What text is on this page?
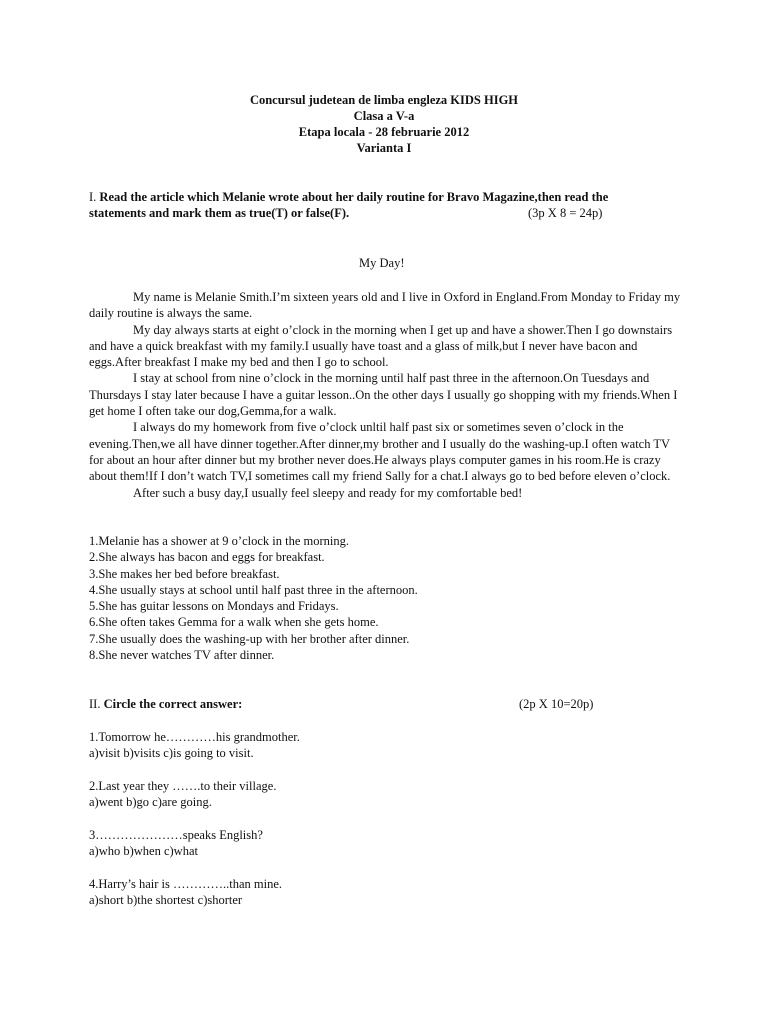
Concursul judetean de limba engleza KIDS HIGH
Clasa a V-a
Etapa locala - 28 februarie 2012
Varianta I
I. Read the article which Melanie wrote about her daily routine for Bravo Magazine,then read the
statements and mark them as true(T) or false(F).	(3p X 8 = 24p)
My Day!

My name is Melanie Smith.I’m sixteen years old and I live in Oxford in England.From Monday to Friday my daily routine is always the same.

My day always starts at eight o’clock in the morning when I get up and have a shower.Then I go downstairs and have a quick breakfast with my family.I usually have toast and a glass of milk,but I never have bacon and eggs.After breakfast I make my bed and then I go to school.

I stay at school from nine o’clock in the morning until half past three in the afternoon.On Tuesdays and Thursdays I stay later because I have a guitar lesson..On the other days I usually go shopping with my friends.When I get home I often take our dog,Gemma,for a walk.

I always do my homework from five o’clock unltil half past six or sometimes seven o’clock in the evening.Then,we all have dinner together.After dinner,my brother and I usually do the washing-up.I often watch TV for about an hour after dinner but my brother never does.He always plays computer games in his room.He is crazy about them!If I don’t watch TV,I sometimes call my friend Sally for a chat.I always go to bed before eleven o’clock.

After such a busy day,I usually feel sleepy and ready for my comfortable bed!

1.Melanie has a shower at 9 o’clock in the morning.
2.She always has bacon and eggs for breakfast.
3.She makes her bed before breakfast.
4.She usually stays at school until half past three in the afternoon.
5.She has guitar lessons on Mondays and Fridays.
6.She often takes Gemma for a walk when she gets home.
7.She usually does the washing-up with her brother after dinner.
8.She never watches TV after dinner.
II. Circle the correct answer:	(2p X 10=20p)
1.Tomorrow he…………his grandmother.
a)visit b)visits c)is going to visit.
2.Last year they …….to their village.
a)went b)go c)are going.
3…………………speaks English?
a)who b)when c)what
4.Harry’s hair is …………..than mine.
a)short b)the shortest c)shorter
